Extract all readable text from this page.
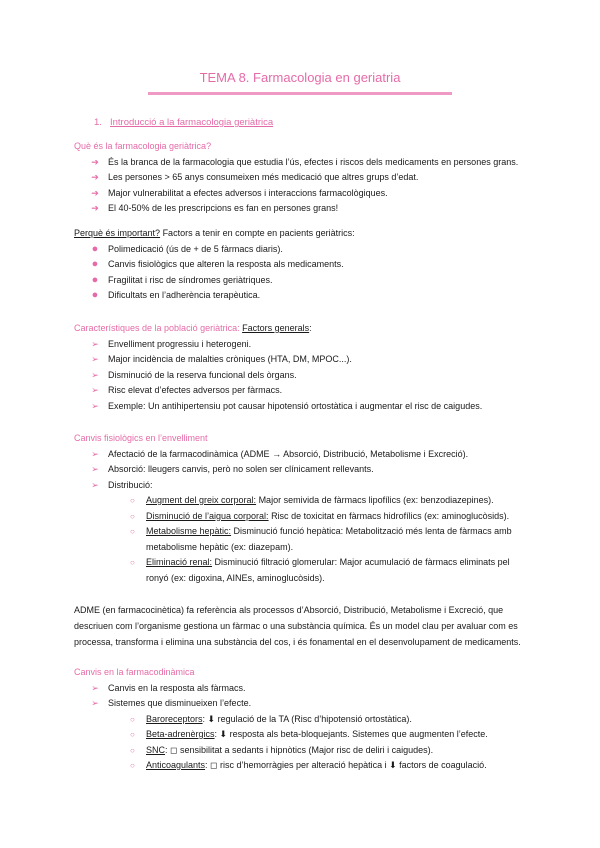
TEMA 8. Farmacologia en geriatria
1. Introducció a la farmacologia geriàtrica
Què és la farmacologia geriàtrica?
➔	És la branca de la farmacologia que estudia l’ús, efectes i riscos dels medicaments en persones grans.
➔	Les persones > 65 anys consumeixen més medicació que altres grups d’edat.
➔	Major vulnerabilitat a efectes adversos i interaccions farmacològiques.
➔	El 40-50% de les prescripcions es fan en persones grans!
Perquè és important? Factors a tenir en compte en pacients geriàtrics:
●	Polimedicació (ús de + de 5 fàrmacs diaris).
●	Canvis fisiològics que alteren la resposta als medicaments.
●	Fragilitat i risc de síndromes geriàtriques.
●	Dificultats en l’adherència terapèutica.
Característiques de la població geriàtrica: Factors generals:
➢	Envelliment progressiu i heterogeni.
➢	Major incidència de malalties cròniques (HTA, DM, MPOC...).
➢	Disminució de la reserva funcional dels òrgans.
➢	Risc elevat d’efectes adversos per fàrmacs.
➢	Exemple: Un antihipertensiu pot causar hipotensió ortostàtica i augmentar el risc de caigudes.
Canvis fisiològics en l’envelliment
➢	Afectació de la farmacodinàmica (ADME → Absorció, Distribució, Metabolisme i Excreció).
➢	Absorció: lleugers canvis, però no solen ser clínicament rellevants.
➢	Distribució:
○ Augment del greix corporal: Major semivida de fàrmacs lipofílics (ex: benzodiazepines).
○ Disminució de l’aigua corporal: Risc de toxicitat en fàrmacs hidrofílics (ex: aminoglucòsids).
○ Metabolisme hepàtic: Disminució funció hepàtica: Metabolització més lenta de fàrmacs amb metabolisme hepàtic (ex: diazepam).
○ Eliminació renal: Disminució filtració glomerular: Major acumulació de fàrmacs eliminats pel ronyó (ex: digoxina, AINEs, aminoglucòsids).
ADME (en farmacocinètica) fa referència als processos d’Absorció, Distribució, Metabolisme i Excreció, que descriuen com l’organisme gestiona un fàrmac o una substància química. És un model clau per avaluar com es processa, transforma i elimina una substància del cos, i és fonamental en el desenvolupament de medicaments.
Canvis en la farmacodinàmica
➢	Canvis en la resposta als fàrmacs.
➢	Sistemes que disminueixen l’efecte.
○ Baroreceptors: ⬇ regulació de la TA (Risc d’hipotensió ortostàtica).
○ Beta-adrenèrgics: ⬇ resposta als beta-bloquejants. Sistemes que augmenten l’efecte.
○ SNC: ◻ sensibilitat a sedants i hipnòtics (Major risc de deliri i caigudes).
○ Anticoagulants: ◻ risc d’hemorràgies per alteració hepàtica i ⬇ factors de coagulació.
